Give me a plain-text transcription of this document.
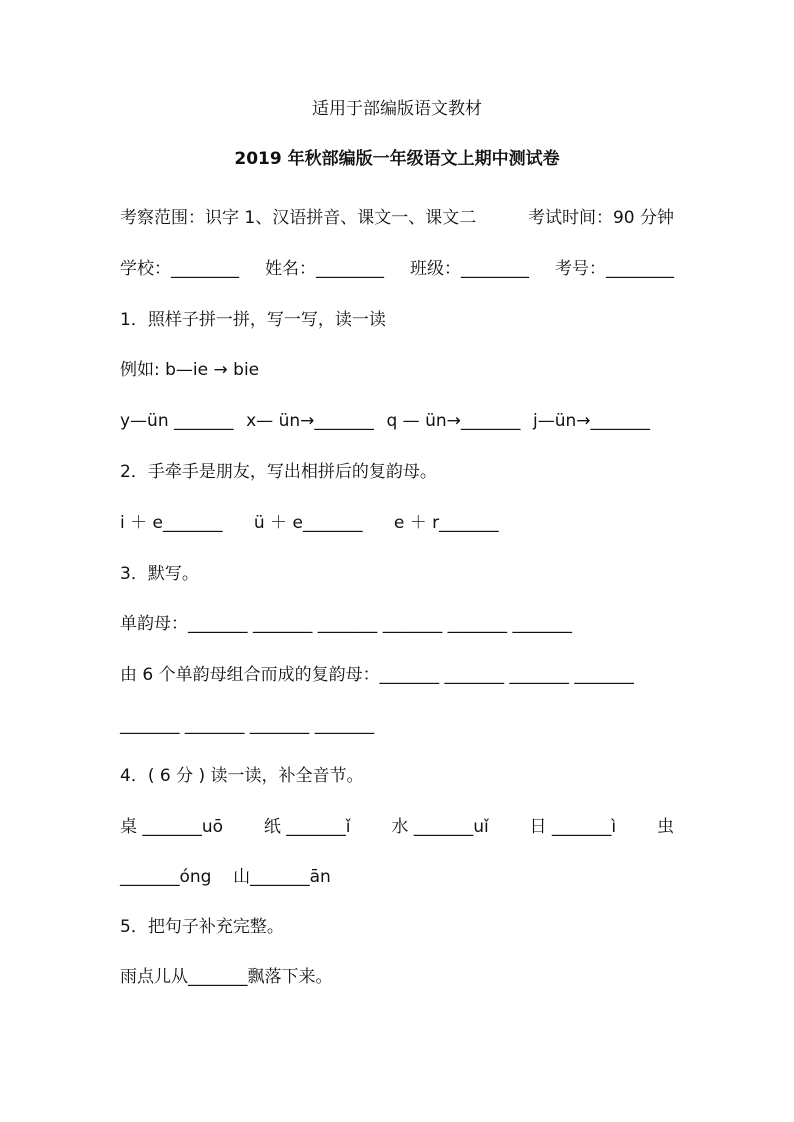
适用于部编版语文教材
2019 年秋部编版一年级语文上期中测试卷
考察范围：识字 1、汉语拼音、课文一、课文二	考试时间：90 分钟
学校：________ 姓名：________ 班级：________ 考号：________
1．照样子拼一拼，写一写，读一读
例如: b—ie → bie
y—ün _______ x— ün→_______ q — ün→_______ j—ün→_______
2．手牵手是朋友，写出相拼后的复韵母。
i ＋ e_______ ü ＋ e_______ e ＋ r_______
3．默写。
单韵母：_______ _______ _______ _______ _______ _______
由 6 个单韵母组合而成的复韵母：_______ _______ _______ _______
_______ _______ _______ _______
4．( 6 分 ) 读一读，补全音节。
桌 _______uō 纸 _______ǐ 水 _______uǐ 日 _______ì 虫
_______óng    山_______ān
5．把句子补充完整。
雨点儿从_______飘落下来。
